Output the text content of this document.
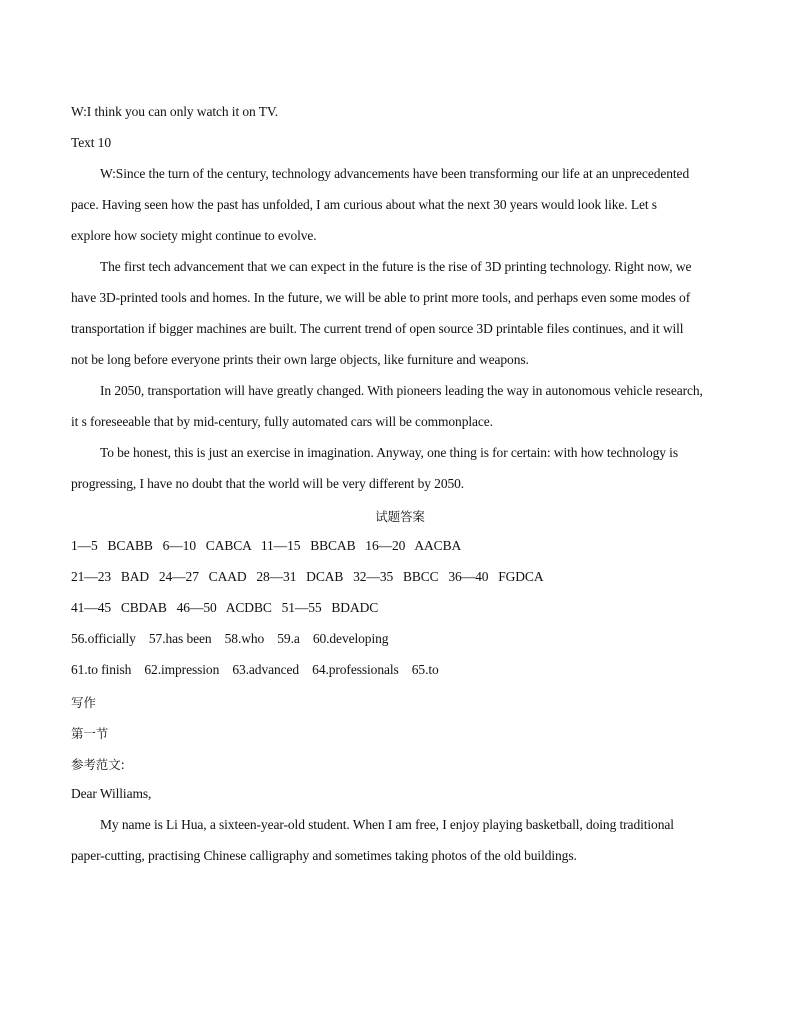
W:I think you can only watch it on TV.
Text 10
W:Since the turn of the century, technology advancements have been transforming our life at an unprecedented
pace. Having seen how the past has unfolded, I am curious about what the next 30 years would look like. Let s
explore how society might continue to evolve.
The first tech advancement that we can expect in the future is the rise of 3D printing technology. Right now, we
have 3D-printed tools and homes. In the future, we will be able to print more tools, and perhaps even some modes of
transportation if bigger machines are built. The current trend of open source 3D printable files continues, and it will
not be long before everyone prints their own large objects, like furniture and weapons.
In 2050, transportation will have greatly changed. With pioneers leading the way in autonomous vehicle research,
it s foreseeable that by mid-century, fully automated cars will be commonplace.
To be honest, this is just an exercise in imagination. Anyway, one thing is for certain: with how technology is
progressing, I have no doubt that the world will be very different by 2050.
试题答案
1—5   BCABB   6—10   CABCA   11—15   BBCAB   16—20   AACBA
21—23   BAD   24—27   CAAD   28—31   DCAB   32—35   BBCC   36—40   FGDCA
41—45   CBDAB   46—50   ACDBC   51—55   BDADC
56.officially    57.has been    58.who    59.a    60.developing
61.to finish    62.impression    63.advanced    64.professionals    65.to
写作
第一节
参考范文:
Dear Williams,
My name is Li Hua, a sixteen-year-old student. When I am free, I enjoy playing basketball, doing traditional
paper-cutting, practising Chinese calligraphy and sometimes taking photos of the old buildings.
